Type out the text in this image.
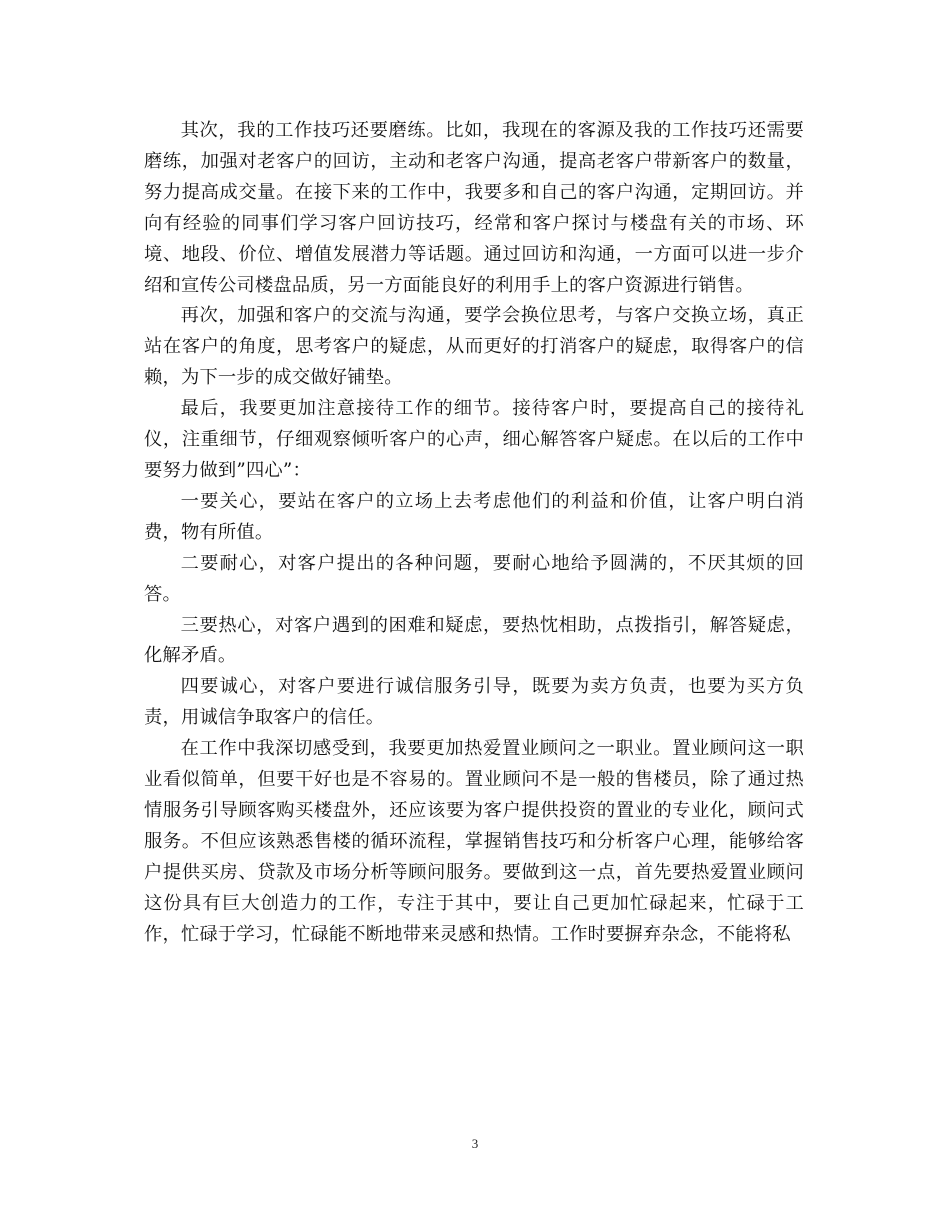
其次，我的工作技巧还要磨练。比如，我现在的客源及我的工作技巧还需要磨练，加强对老客户的回访，主动和老客户沟通，提高老客户带新客户的数量，努力提高成交量。在接下来的工作中，我要多和自己的客户沟通，定期回访。并向有经验的同事们学习客户回访技巧，经常和客户探讨与楼盘有关的市场、环境、地段、价位、增值发展潜力等话题。通过回访和沟通，一方面可以进一步介绍和宣传公司楼盘品质，另一方面能良好的利用手上的客户资源进行销售。

再次，加强和客户的交流与沟通，要学会换位思考，与客户交换立场，真正站在客户的角度，思考客户的疑虑，从而更好的打消客户的疑虑，取得客户的信赖，为下一步的成交做好铺垫。

最后，我要更加注意接待工作的细节。接待客户时，要提高自己的接待礼仪，注重细节，仔细观察倾听客户的心声，细心解答客户疑虑。在以后的工作中要努力做到”四心”：

一要关心，要站在客户的立场上去考虑他们的利益和价值，让客户明白消费，物有所值。

二要耐心，对客户提出的各种问题，要耐心地给予圆满的，不厌其烦的回答。

三要热心，对客户遇到的困难和疑虑，要热忱相助，点拨指引，解答疑虑，化解矛盾。

四要诚心，对客户要进行诚信服务引导，既要为卖方负责，也要为买方负责，用诚信争取客户的信任。

在工作中我深切感受到，我要更加热爱置业顾问之一职业。置业顾问这一职业看似简单，但要干好也是不容易的。置业顾问不是一般的售楼员，除了通过热情服务引导顾客购买楼盘外，还应该要为客户提供投资的置业的专业化，顾问式服务。不但应该熟悉售楼的循环流程，掌握销售技巧和分析客户心理，能够给客户提供买房、贷款及市场分析等顾问服务。要做到这一点，首先要热爱置业顾问这份具有巨大创造力的工作，专注于其中，要让自己更加忙碌起来，忙碌于工作，忙碌于学习，忙碌能不断地带来灵感和热情。工作时要摒弃杂念，不能将私

3
